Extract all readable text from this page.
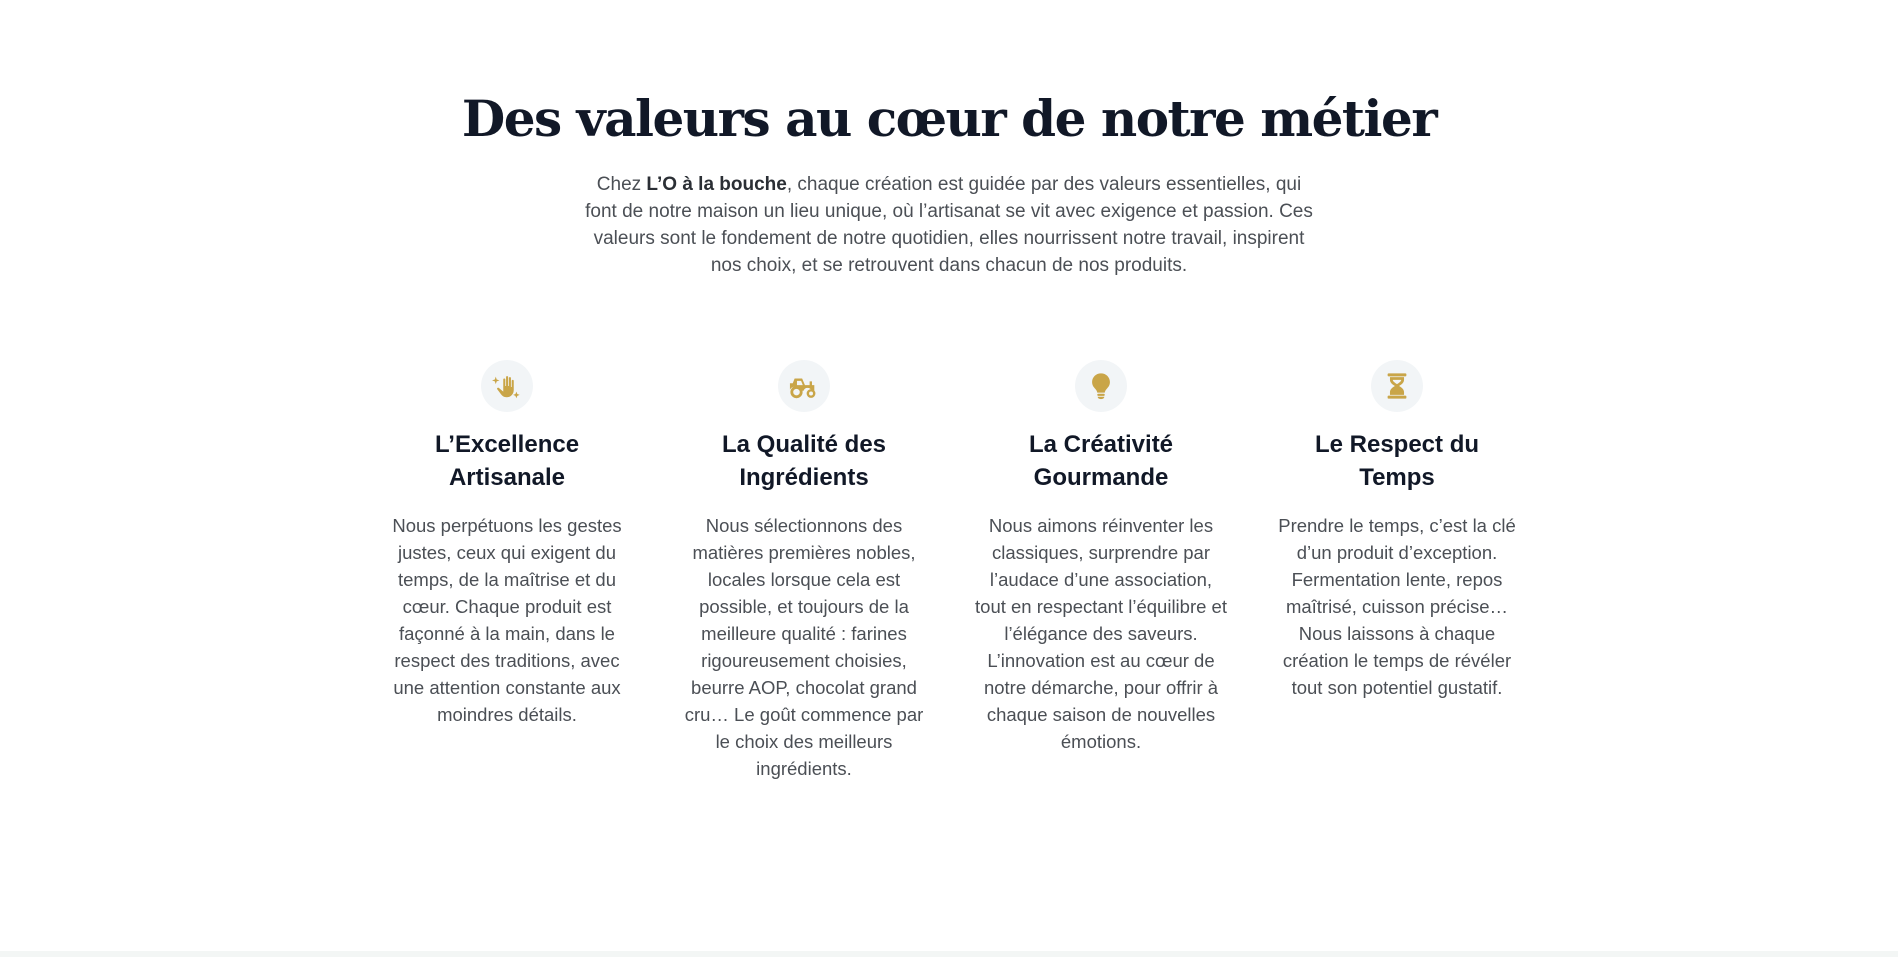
Des valeurs au cœur de notre métier

Chez L’O à la bouche, chaque création est guidée par des valeurs essentielles, qui font de notre maison un lieu unique, où l’artisanat se vit avec exigence et passion. Ces valeurs sont le fondement de notre quotidien, elles nourrissent notre travail, inspirent nos choix, et se retrouvent dans chacun de nos produits.

L’Excellence
Artisanale
Nous perpétuons les gestes justes, ceux qui exigent du temps, de la maîtrise et du cœur. Chaque produit est façonné à la main, dans le respect des traditions, avec une attention constante aux moindres détails.
La Qualité des
Ingrédients
Nous sélectionnons des matières premières nobles, locales lorsque cela est possible, et toujours de la meilleure qualité : farines rigoureusement choisies, beurre AOP, chocolat grand cru… Le goût commence par le choix des meilleurs ingrédients.
La Créativité
Gourmande
Nous aimons réinventer les classiques, surprendre par l’audace d’une association, tout en respectant l’équilibre et l’élégance des saveurs. L’innovation est au cœur de notre démarche, pour offrir à chaque saison de nouvelles émotions.
Le Respect du
Temps
Prendre le temps, c’est la clé d’un produit d’exception. Fermentation lente, repos maîtrisé, cuisson précise… Nous laissons à chaque création le temps de révéler tout son potentiel gustatif.
